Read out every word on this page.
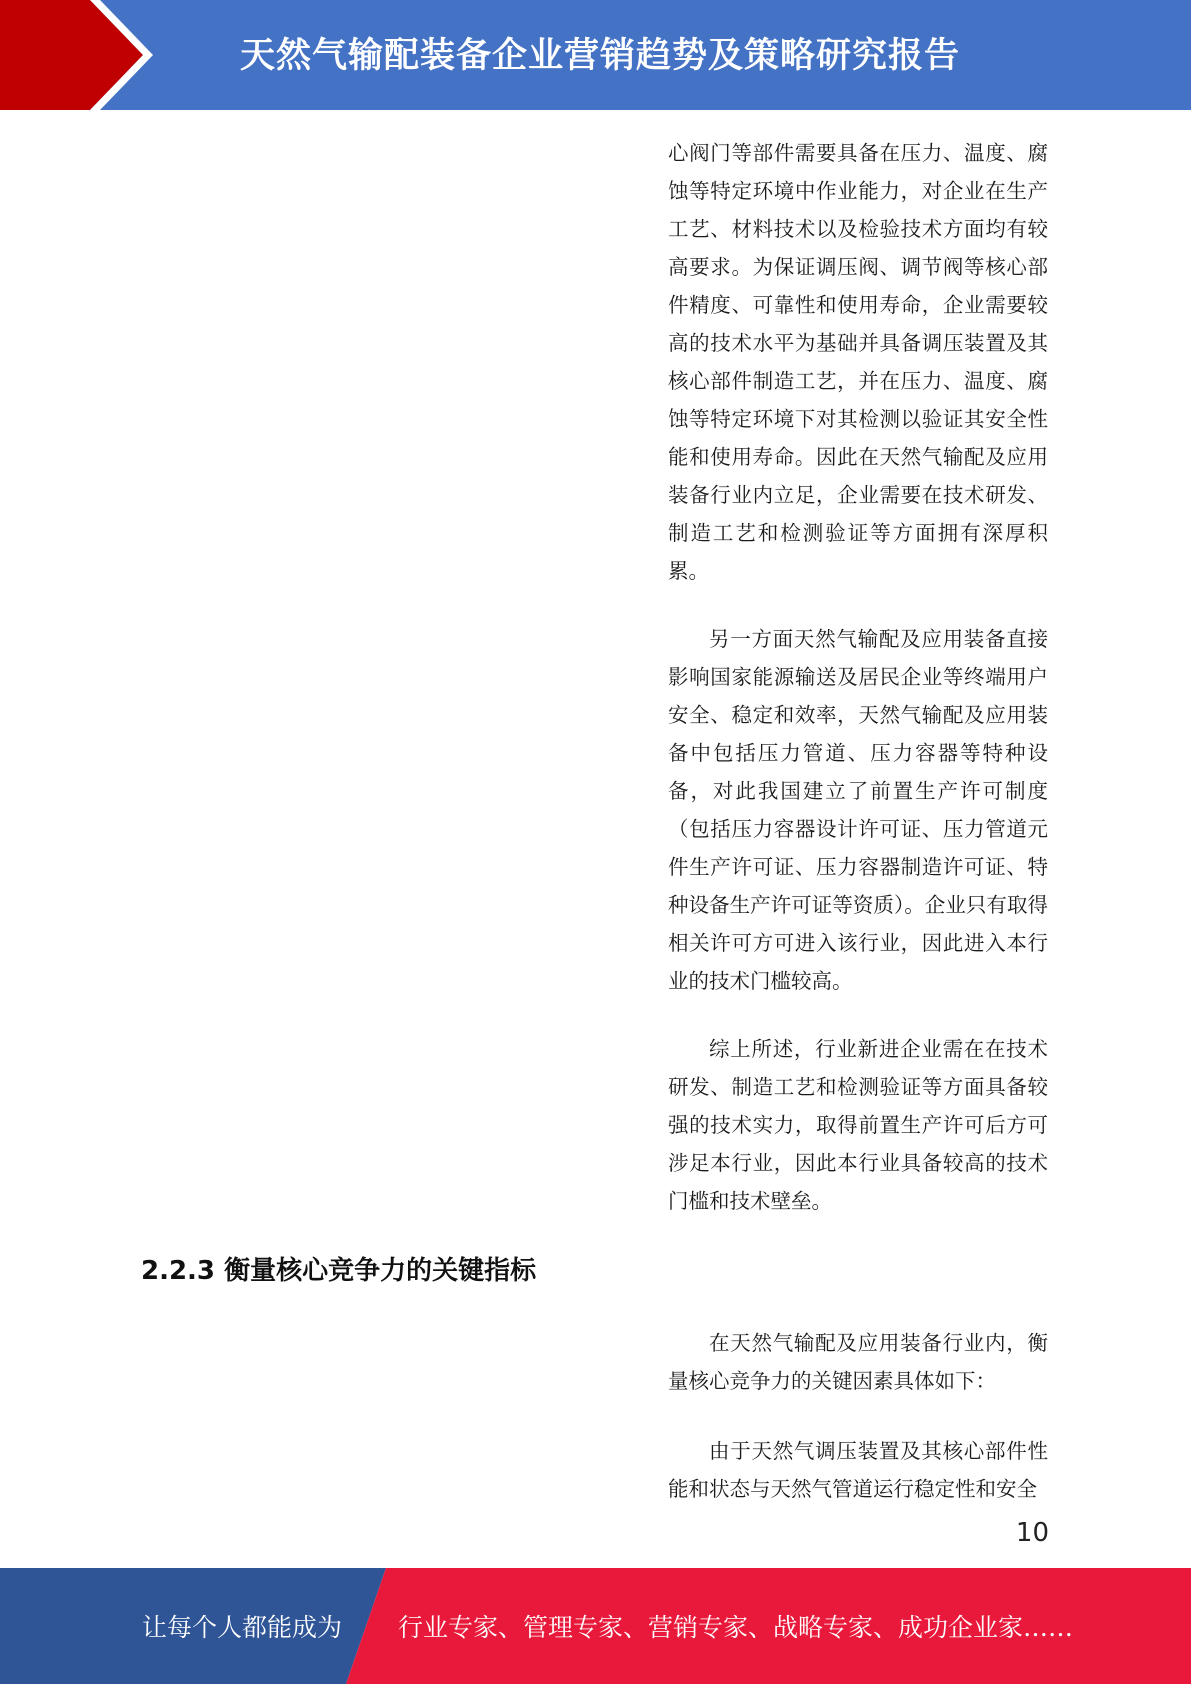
天然气输配装备企业营销趋势及策略研究报告

心阀门等部件需要具备在压力、温度、腐蚀等特定环境中作业能力，对企业在生产工艺、材料技术以及检验技术方面均有较高要求。为保证调压阀、调节阀等核心部件精度、可靠性和使用寿命，企业需要较高的技术水平为基础并具备调压装置及其核心部件制造工艺，并在压力、温度、腐蚀等特定环境下对其检测以验证其安全性能和使用寿命。因此在天然气输配及应用装备行业内立足，企业需要在技术研发、制造工艺和检测验证等方面拥有深厚积累。

另一方面天然气输配及应用装备直接影响国家能源输送及居民企业等终端用户安全、稳定和效率，天然气输配及应用装备中包括压力管道、压力容器等特种设备，对此我国建立了前置生产许可制度（包括压力容器设计许可证、压力管道元件生产许可证、压力容器制造许可证、特种设备生产许可证等资质）。企业只有取得相关许可方可进入该行业，因此进入本行业的技术门槛较高。

综上所述，行业新进企业需在在技术研发、制造工艺和检测验证等方面具备较强的技术实力，取得前置生产许可后方可涉足本行业，因此本行业具备较高的技术门槛和技术壁垒。

2.2.3 衡量核心竞争力的关键指标

在天然气输配及应用装备行业内，衡量核心竞争力的关键因素具体如下：

由于天然气调压装置及其核心部件性能和状态与天然气管道运行稳定性和安全

10
让每个人都能成为 行业专家、管理专家、营销专家、战略专家、成功企业家……
